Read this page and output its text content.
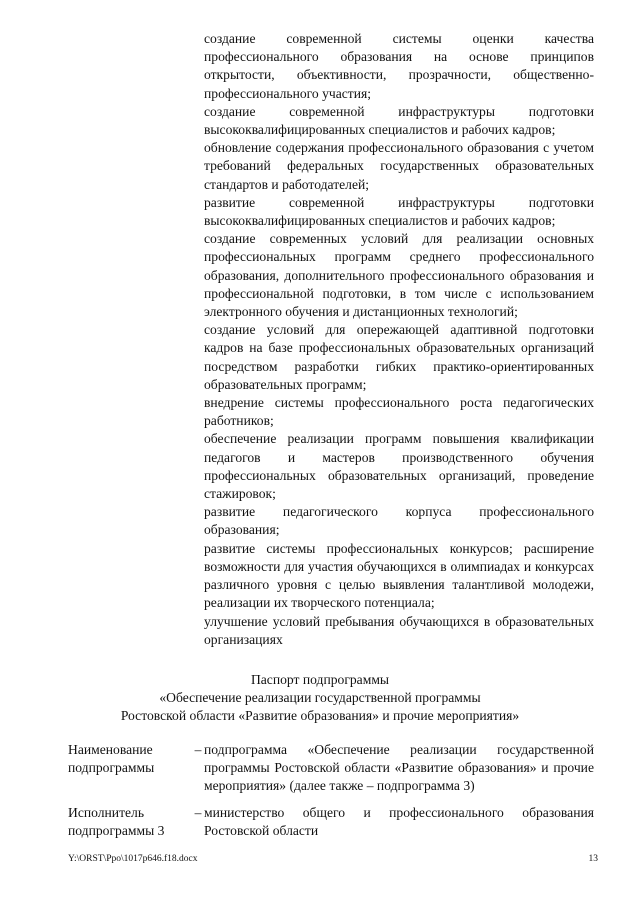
создание современной системы оценки качества профессионального образования на основе принципов открытости, объективности, прозрачности, общественно-профессионального участия;

создание современной инфраструктуры подготовки высококвалифицированных специалистов и рабочих кадров;

обновление содержания профессионального образования с учетом требований федеральных государственных образовательных стандартов и работодателей;

развитие современной инфраструктуры подготовки высококвалифицированных специалистов и рабочих кадров;

создание современных условий для реализации основных профессиональных программ среднего профессионального образования, дополнительного профессионального образования и профессиональной подготовки, в том числе с использованием электронного обучения и дистанционных технологий;

создание условий для опережающей адаптивной подготовки кадров на базе профессиональных образовательных организаций посредством разработки гибких практико-ориентированных образовательных программ;

внедрение системы профессионального роста педагогических работников;

обеспечение реализации программ повышения квалификации педагогов и мастеров производственного обучения профессиональных образовательных организаций, проведение стажировок;

развитие педагогического корпуса профессионального образования;

развитие системы профессиональных конкурсов; расширение возможности для участия обучающихся в олимпиадах и конкурсах различного уровня с целью выявления талантливой молодежи, реализации их творческого потенциала;

улучшение условий пребывания обучающихся в образовательных организациях

Паспорт подпрограммы
«Обеспечение реализации государственной программы
Ростовской области «Развитие образования» и прочие мероприятия»
Наименование подпрограммы
– подпрограмма «Обеспечение реализации государственной программы Ростовской области «Развитие образования» и прочие мероприятия» (далее также – подпрограмма 3)
Исполнитель подпрограммы 3
– министерство общего и профессионального образования Ростовской области
Y:\ORST\Ppo\1017p646.f18.docx	13
